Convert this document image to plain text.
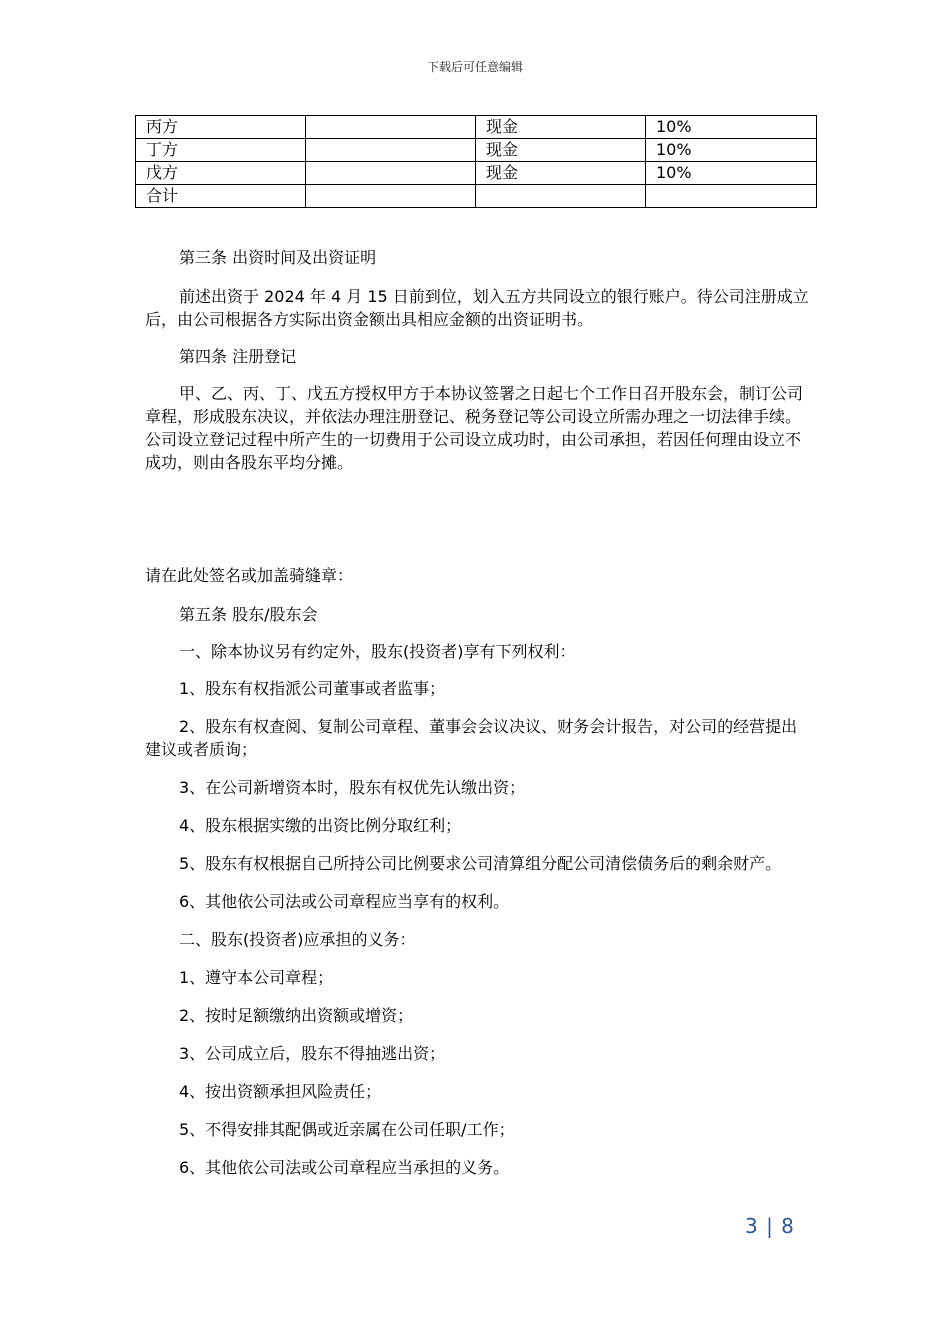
下载后可任意编辑
丙方		现金	10%
丁方		现金	10%
戊方		现金	10%
合计			
第三条 出资时间及出资证明
前述出资于 2024 年 4 月 15 日前到位，划入五方共同设立的银行账户。待公司注册成立后，由公司根据各方实际出资金额出具相应金额的出资证明书。
第四条 注册登记
甲、乙、丙、丁、戊五方授权甲方于本协议签署之日起七个工作日召开股东会，制订公司章程，形成股东决议，并依法办理注册登记、税务登记等公司设立所需办理之一切法律手续。公司设立登记过程中所产生的一切费用于公司设立成功时，由公司承担，若因任何理由设立不成功，则由各股东平均分摊。
请在此处签名或加盖骑缝章：
第五条 股东/股东会
一、除本协议另有约定外，股东(投资者)享有下列权利：
1、股东有权指派公司董事或者监事；
2、股东有权查阅、复制公司章程、董事会会议决议、财务会计报告，对公司的经营提出建议或者质询；
3、在公司新增资本时，股东有权优先认缴出资；
4、股东根据实缴的出资比例分取红利；
5、股东有权根据自己所持公司比例要求公司清算组分配公司清偿债务后的剩余财产。
6、其他依公司法或公司章程应当享有的权利。
二、股东(投资者)应承担的义务：
1、遵守本公司章程；
2、按时足额缴纳出资额或增资；
3、公司成立后，股东不得抽逃出资；
4、按出资额承担风险责任；
5、不得安排其配偶或近亲属在公司任职/工作；
6、其他依公司法或公司章程应当承担的义务。
3 | 8
